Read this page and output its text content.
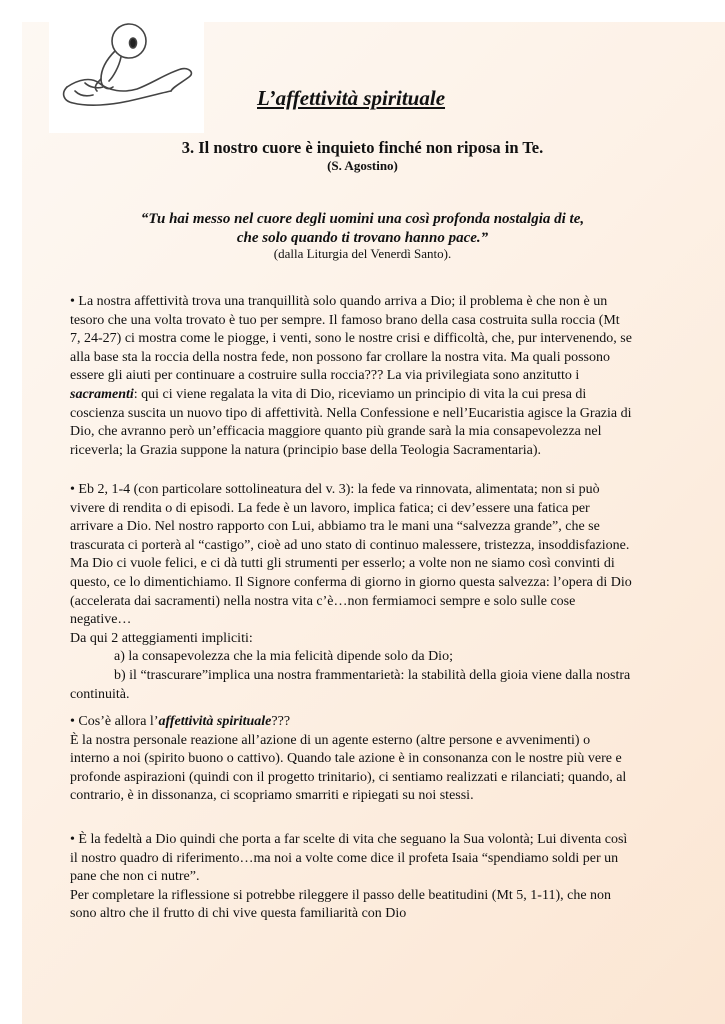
L’affettività spirituale
3. Il nostro cuore è inquieto finché non riposa in Te.
(S. Agostino)
“Tu hai messo nel cuore degli uomini una così profonda nostalgia di te,
che solo quando ti trovano hanno pace.”
(dalla Liturgia del Venerdì Santo).
• La nostra affettività trova una tranquillità solo quando arriva a Dio; il problema è che non è un
tesoro che una volta trovato è tuo per sempre. Il famoso brano della casa costruita sulla roccia (Mt
7, 24-27) ci mostra come le piogge, i venti, sono le nostre crisi e difficoltà, che, pur intervenendo, se
alla base sta la roccia della nostra fede, non possono far crollare la nostra vita. Ma quali possono
essere gli aiuti per continuare a costruire sulla roccia??? La via privilegiata sono anzitutto i
sacramenti: qui ci viene regalata la vita di Dio, riceviamo un principio di vita la cui presa di
coscienza suscita un nuovo tipo di affettività. Nella Confessione e nell’Eucaristia agisce la Grazia di
Dio, che avranno però un’efficacia maggiore quanto più grande sarà la mia consapevolezza nel
riceverla; la Grazia suppone la natura (principio base della Teologia Sacramentaria).
• Eb 2, 1-4 (con particolare sottolineatura del v. 3): la fede va rinnovata, alimentata; non si può
vivere di rendita o di episodi. La fede è un lavoro, implica fatica; ci dev’essere una fatica per
arrivare a Dio. Nel nostro rapporto con Lui, abbiamo tra le mani una “salvezza grande”, che se
trascurata ci porterà al “castigo”, cioè ad uno stato di continuo malessere, tristezza, insoddisfazione.
Ma Dio ci vuole felici, e ci dà tutti gli strumenti per esserlo; a volte non ne siamo così convinti di
questo, ce lo dimentichiamo. Il Signore conferma di giorno in giorno questa salvezza: l’opera di Dio
(accelerata dai sacramenti) nella nostra vita c’è…non fermiamoci sempre e solo sulle cose
negative…
Da qui 2 atteggiamenti impliciti:
a) la consapevolezza che la mia felicità dipende solo da Dio;
b) il “trascurare”implica una nostra frammentarietà: la stabilità della gioia viene dalla nostra
continuità.
• Cos’è allora l’affettività spirituale???
È la nostra personale reazione all’azione di un agente esterno (altre persone e avvenimenti) o
interno a noi (spirito buono o cattivo). Quando tale azione è in consonanza con le nostre più vere e
profonde aspirazioni (quindi con il progetto trinitario), ci sentiamo realizzati e rilanciati; quando, al
contrario, è in dissonanza, ci scopriamo smarriti e ripiegati su noi stessi.
• È la fedeltà a Dio quindi che porta a far scelte di vita che seguano la Sua volontà; Lui diventa così
il nostro quadro di riferimento…ma noi a volte come dice il profeta Isaia “spendiamo soldi per un
pane che non ci nutre”.
Per completare la riflessione si potrebbe rileggere il passo delle beatitudini (Mt 5, 1-11), che non
sono altro che il frutto di chi vive questa familiarità con Dio
